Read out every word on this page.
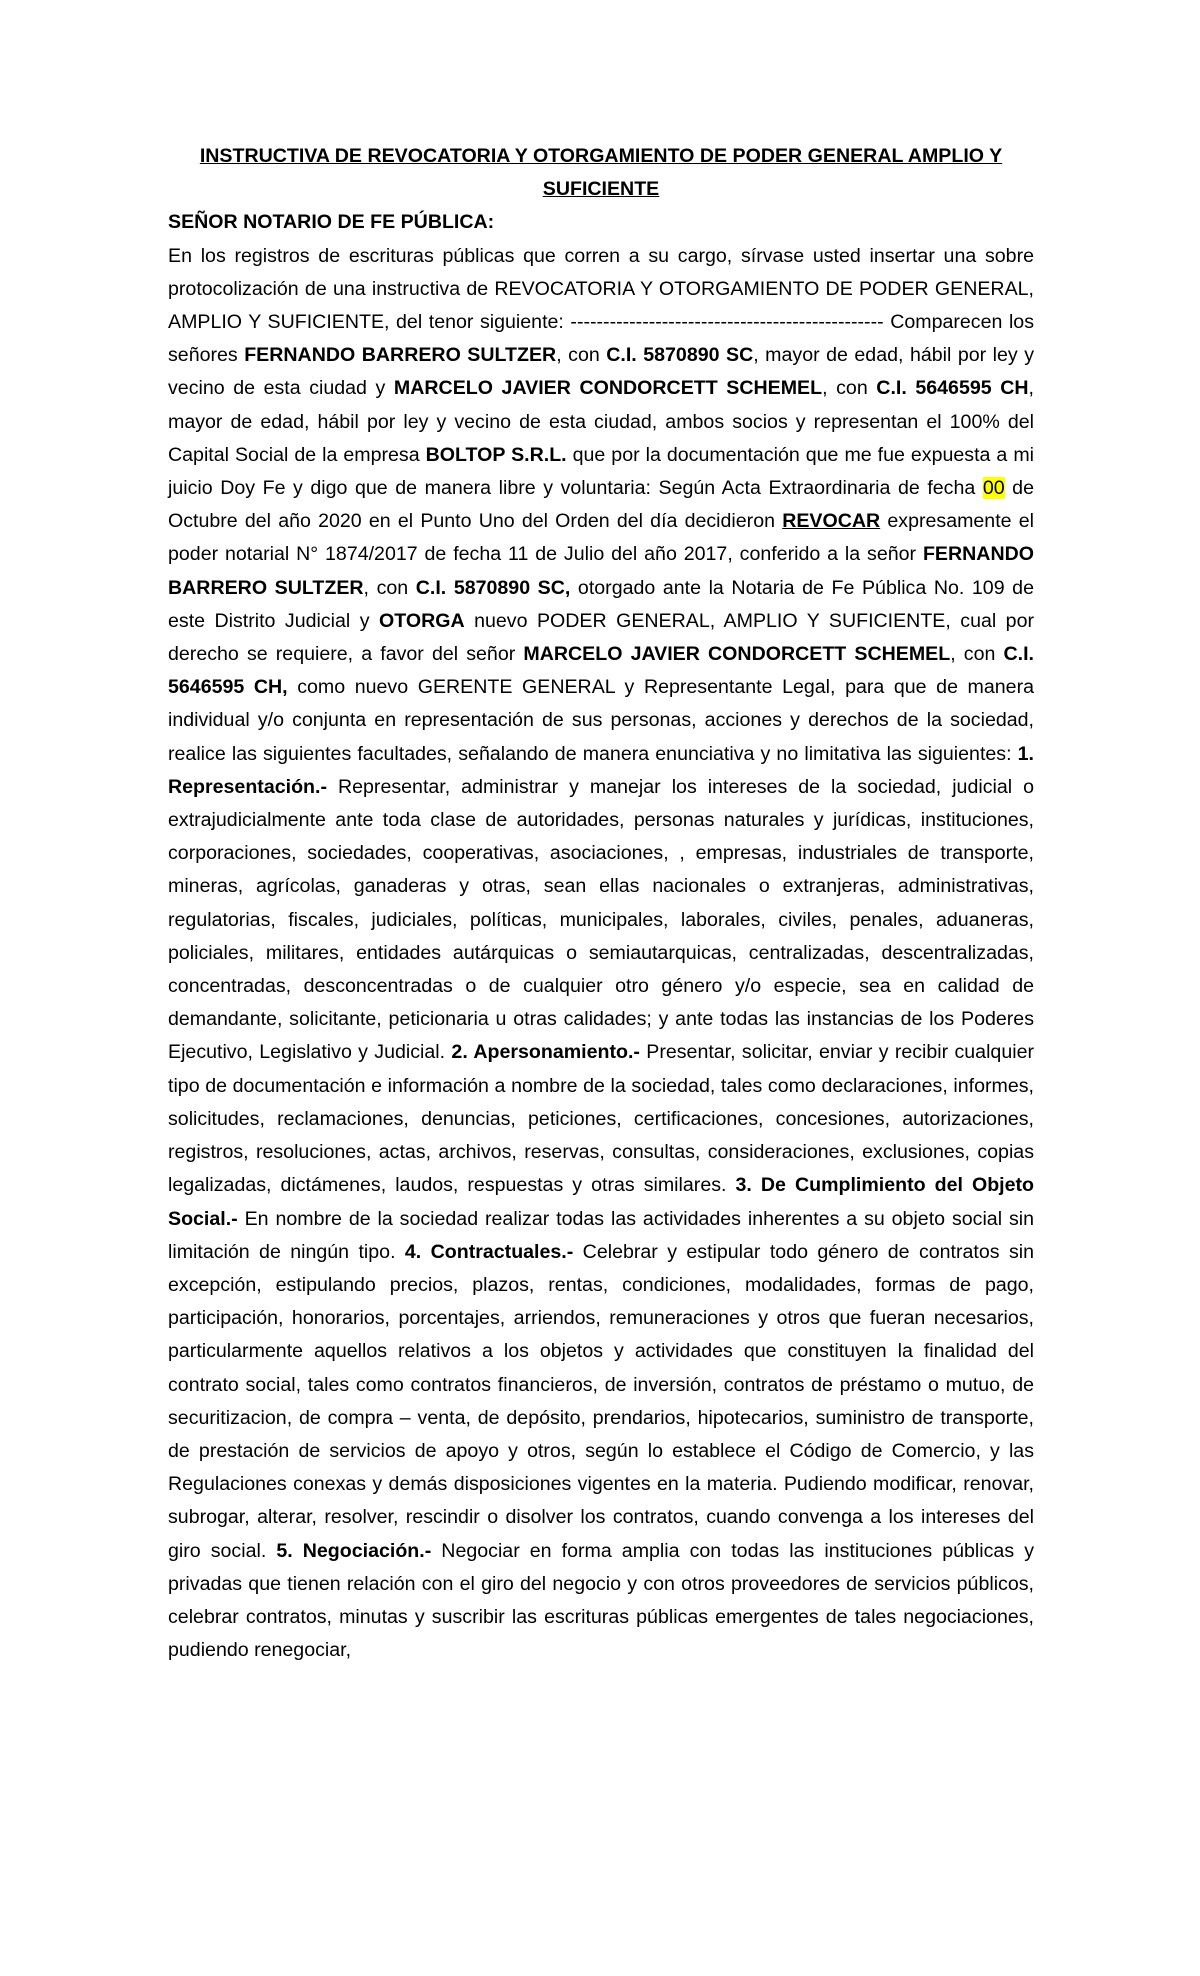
INSTRUCTIVA DE REVOCATORIA Y OTORGAMIENTO DE PODER GENERAL AMPLIO Y SUFICIENTE

SEÑOR NOTARIO DE FE PÚBLICA:

En los registros de escrituras públicas que corren a su cargo, sírvase usted insertar una sobre protocolización de una instructiva de REVOCATORIA Y OTORGAMIENTO DE PODER GENERAL, AMPLIO Y SUFICIENTE, del tenor siguiente: ------------------------------------------------ Comparecen los señores FERNANDO BARRERO SULTZER, con C.I. 5870890 SC, mayor de edad, hábil por ley y vecino de esta ciudad y MARCELO JAVIER CONDORCETT SCHEMEL, con C.I. 5646595 CH, mayor de edad, hábil por ley y vecino de esta ciudad, ambos socios y representan el 100% del Capital Social de la empresa BOLTOP S.R.L. que por la documentación que me fue expuesta a mi juicio Doy Fe y digo que de manera libre y voluntaria: Según Acta Extraordinaria de fecha 00 de Octubre del año 2020 en el Punto Uno del Orden del día decidieron REVOCAR expresamente el poder notarial N° 1874/2017 de fecha 11 de Julio del año 2017, conferido a la señor FERNANDO BARRERO SULTZER, con C.I. 5870890 SC, otorgado ante la Notaria de Fe Pública No. 109 de este Distrito Judicial y OTORGA nuevo PODER GENERAL, AMPLIO Y SUFICIENTE, cual por derecho se requiere, a favor del señor MARCELO JAVIER CONDORCETT SCHEMEL, con C.I. 5646595 CH, como nuevo GERENTE GENERAL y Representante Legal, para que de manera individual y/o conjunta en representación de sus personas, acciones y derechos de la sociedad, realice las siguientes facultades, señalando de manera enunciativa y no limitativa las siguientes: 1. Representación.- Representar, administrar y manejar los intereses de la sociedad, judicial o extrajudicialmente ante toda clase de autoridades, personas naturales y jurídicas, instituciones, corporaciones, sociedades, cooperativas, asociaciones, , empresas, industriales de transporte, mineras, agrícolas, ganaderas y otras, sean ellas nacionales o extranjeras, administrativas, regulatorias, fiscales, judiciales, políticas, municipales, laborales, civiles, penales, aduaneras, policiales, militares, entidades autárquicas o semiautarquicas, centralizadas, descentralizadas, concentradas, desconcentradas o de cualquier otro género y/o especie, sea en calidad de demandante, solicitante, peticionaria u otras calidades; y ante todas las instancias de los Poderes Ejecutivo, Legislativo y Judicial. 2. Apersonamiento.- Presentar, solicitar, enviar y recibir cualquier tipo de documentación e información a nombre de la sociedad, tales como declaraciones, informes, solicitudes, reclamaciones, denuncias, peticiones, certificaciones, concesiones, autorizaciones, registros, resoluciones, actas, archivos, reservas, consultas, consideraciones, exclusiones, copias legalizadas, dictámenes, laudos, respuestas y otras similares. 3. De Cumplimiento del Objeto Social.- En nombre de la sociedad realizar todas las actividades inherentes a su objeto social sin limitación de ningún tipo. 4. Contractuales.- Celebrar y estipular todo género de contratos sin excepción, estipulando precios, plazos, rentas, condiciones, modalidades, formas de pago, participación, honorarios, porcentajes, arriendos, remuneraciones y otros que fueran necesarios, particularmente aquellos relativos a los objetos y actividades que constituyen la finalidad del contrato social, tales como contratos financieros, de inversión, contratos de préstamo o mutuo, de securitizacion, de compra – venta, de depósito, prendarios, hipotecarios, suministro de transporte, de prestación de servicios de apoyo y otros, según lo establece el Código de Comercio, y las Regulaciones conexas y demás disposiciones vigentes en la materia. Pudiendo modificar, renovar, subrogar, alterar, resolver, rescindir o disolver los contratos, cuando convenga a los intereses del giro social. 5. Negociación.- Negociar en forma amplia con todas las instituciones públicas y privadas que tienen relación con el giro del negocio y con otros proveedores de servicios públicos, celebrar contratos, minutas y suscribir las escrituras públicas emergentes de tales negociaciones, pudiendo renegociar,
